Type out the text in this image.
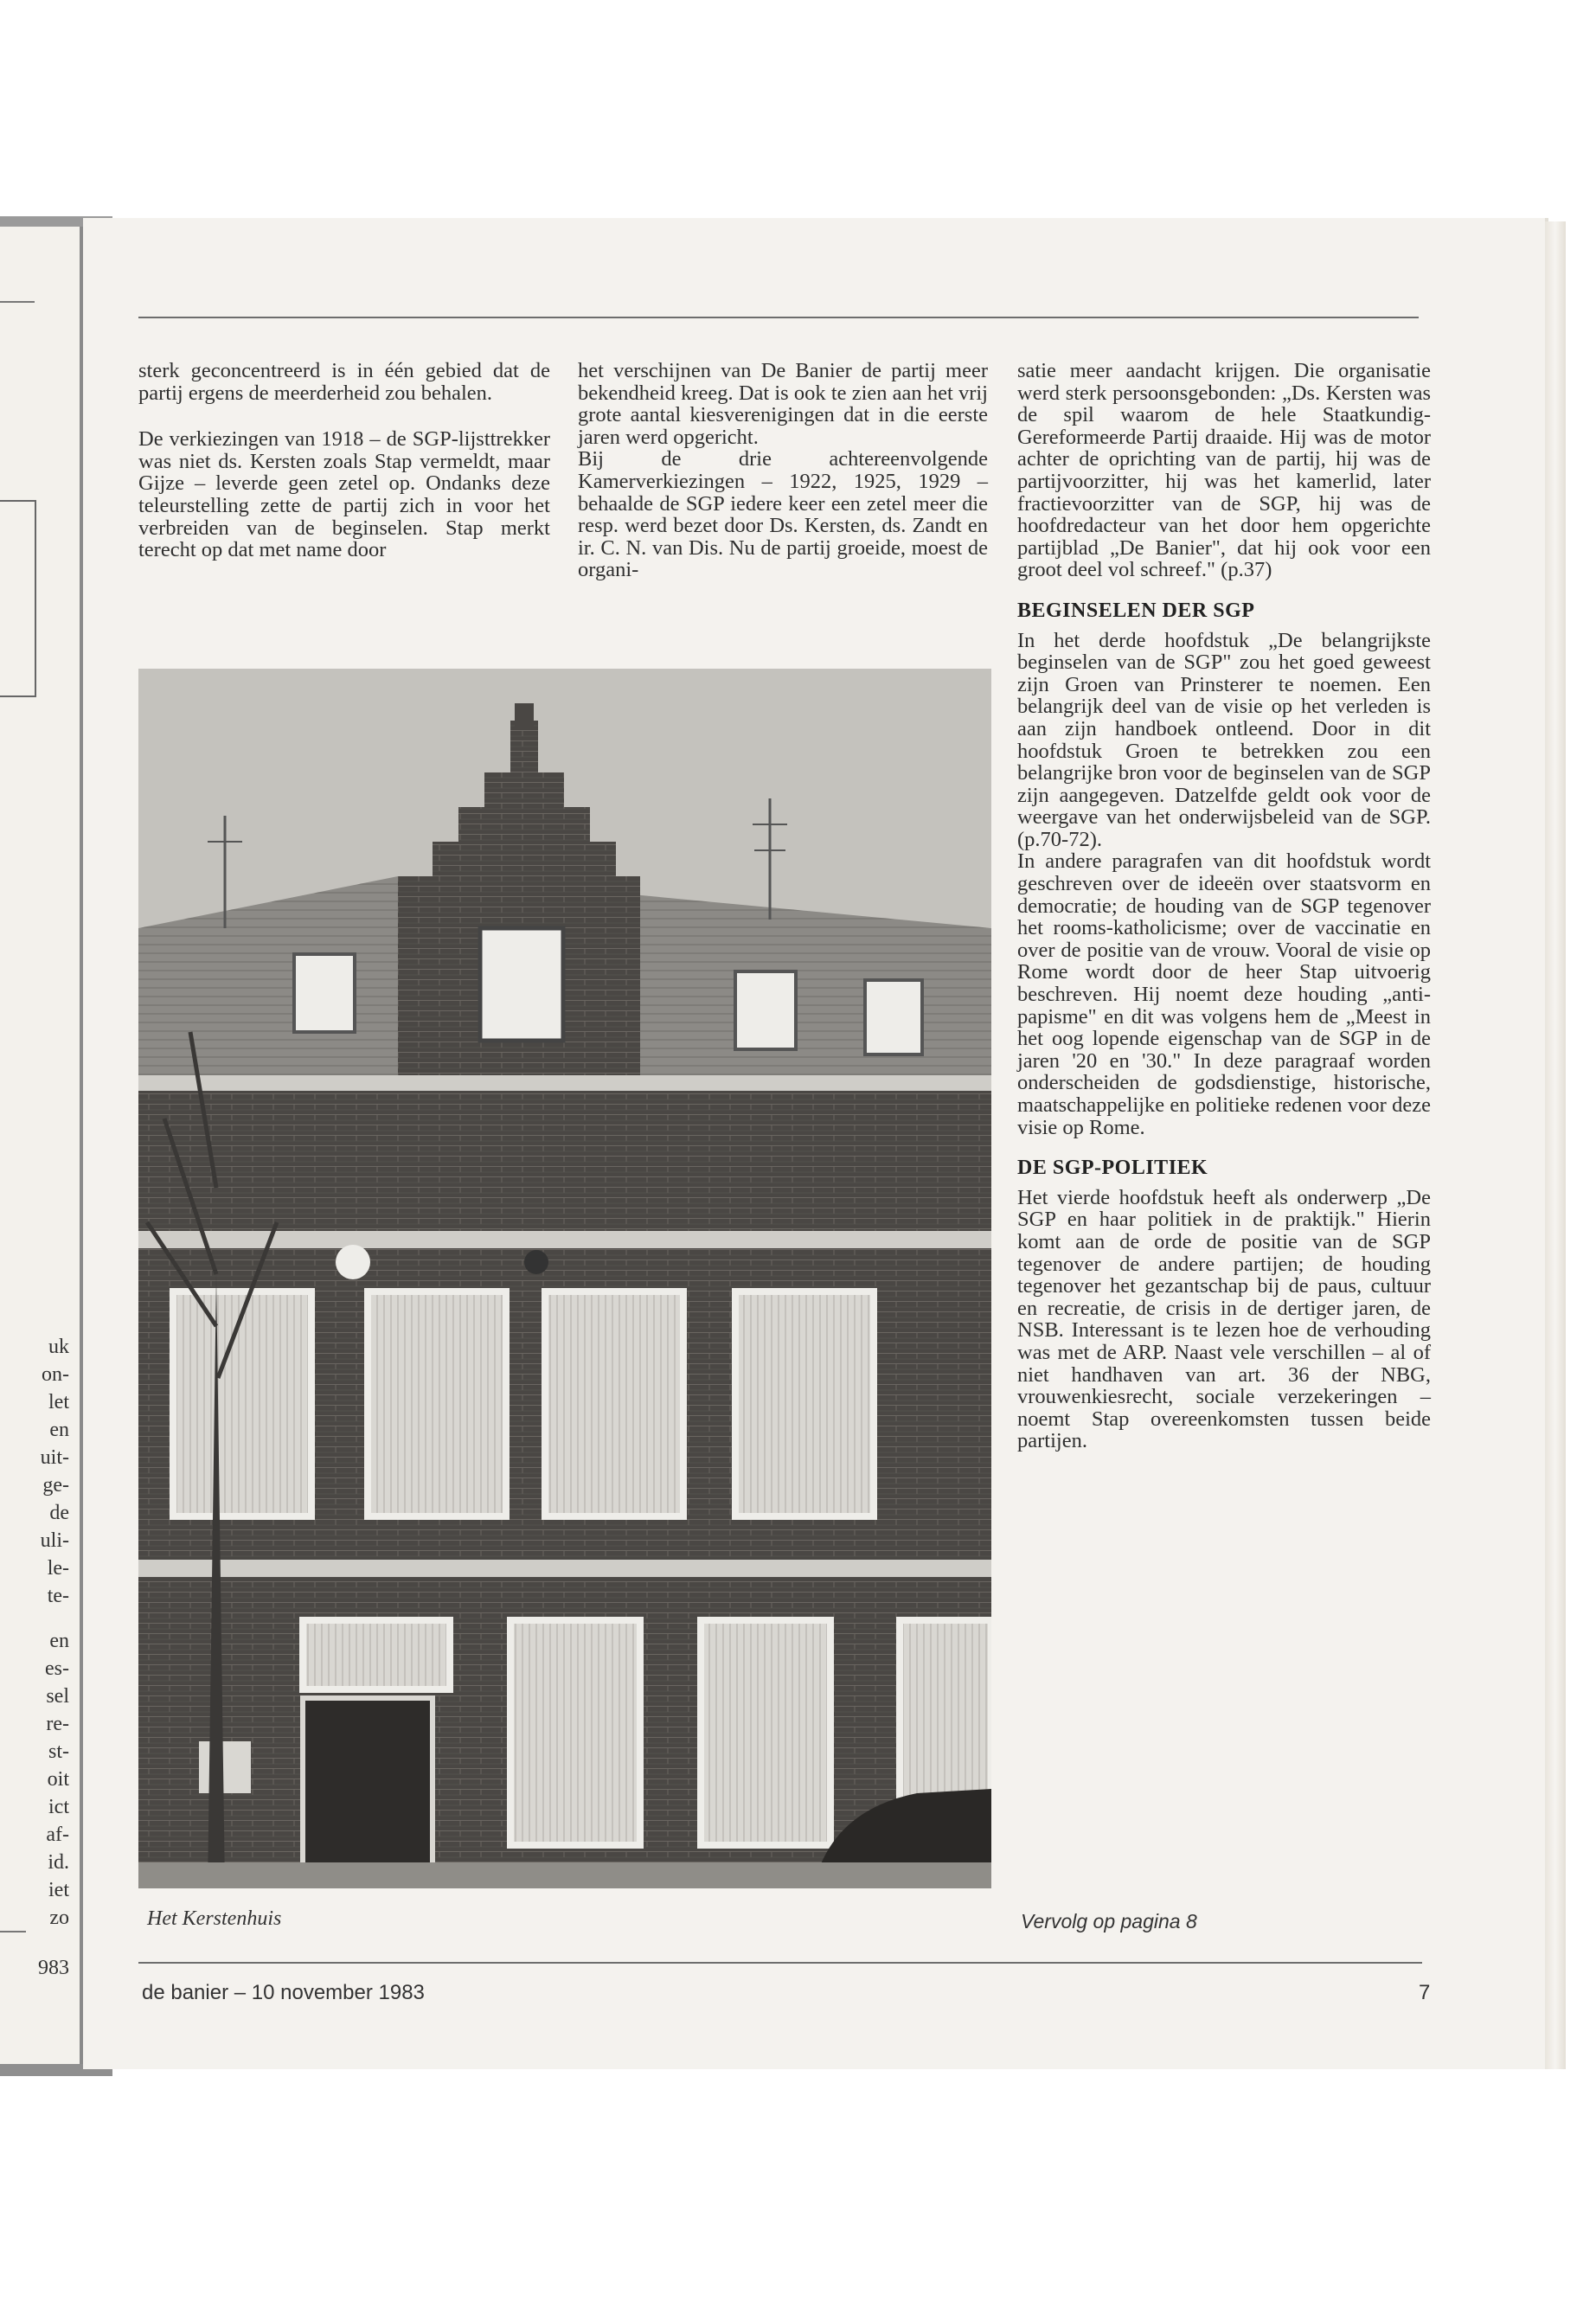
uk
on-
let
en
uit-
ge-
de
uli-
le-
te-
en
es-
sel
re-
st-
oit
ict
af-
id.
iet
zo
983

sterk geconcentreerd is in één gebied dat de partij ergens de meerderheid zou behalen.

De verkiezingen van 1918 – de SGP-lijsttrekker was niet ds. Kersten zoals Stap vermeldt, maar Gijze – leverde geen zetel op. Ondanks deze teleurstelling zette de partij zich in voor het verbreiden van de beginselen. Stap merkt terecht op dat met name door

het verschijnen van De Banier de partij meer bekendheid kreeg. Dat is ook te zien aan het vrij grote aantal kiesverenigingen dat in die eerste jaren werd opgericht.

Bij de drie achtereenvolgende Kamerverkiezingen – 1922, 1925, 1929 – behaalde de SGP iedere keer een zetel meer die resp. werd bezet door Ds. Kersten, ds. Zandt en ir. C. N. van Dis. Nu de partij groeide, moest de organi-

satie meer aandacht krijgen. Die organisatie werd sterk persoonsgebonden: „Ds. Kersten was de spil waarom de hele Staatkundig-Gereformeerde Partij draaide. Hij was de motor achter de oprichting van de partij, hij was de partijvoorzitter, hij was het kamerlid, later fractievoorzitter van de SGP, hij was de hoofdredacteur van het door hem opgerichte partijblad „De Banier", dat hij ook voor een groot deel vol schreef." (p.37)

BEGINSELEN DER SGP

In het derde hoofdstuk „De belangrijkste beginselen van de SGP" zou het goed geweest zijn Groen van Prinsterer te noemen. Een belangrijk deel van de visie op het verleden is aan zijn handboek ontleend. Door in dit hoofdstuk Groen te betrekken zou een belangrijke bron voor de beginselen van de SGP zijn aangegeven. Datzelfde geldt ook voor de weergave van het onderwijsbeleid van de SGP. (p.70-72).

In andere paragrafen van dit hoofdstuk wordt geschreven over de ideeën over staatsvorm en democratie; de houding van de SGP tegenover het rooms-katholicisme; over de vaccinatie en over de positie van de vrouw. Vooral de visie op Rome wordt door de heer Stap uitvoerig beschreven. Hij noemt deze houding „anti-papisme" en dit was volgens hem de „Meest in het oog lopende eigenschap van de SGP in de jaren '20 en '30." In deze paragraaf worden onderscheiden de godsdienstige, historische, maatschappelijke en politieke redenen voor deze visie op Rome.

DE SGP-POLITIEK

Het vierde hoofdstuk heeft als onderwerp „De SGP en haar politiek in de praktijk." Hierin komt aan de orde de positie van de SGP tegenover de andere partijen; de houding tegenover het gezantschap bij de paus, cultuur en recreatie, de crisis in de dertiger jaren, de NSB. Interessant is te lezen hoe de verhouding was met de ARP. Naast vele verschillen – al of niet handhaven van art. 36 der NBG, vrouwenkiesrecht, sociale verzekeringen – noemt Stap overeenkomsten tussen beide partijen.

Het Kerstenhuis	Vervolg op pagina 8
de banier – 10 november 1983	7
